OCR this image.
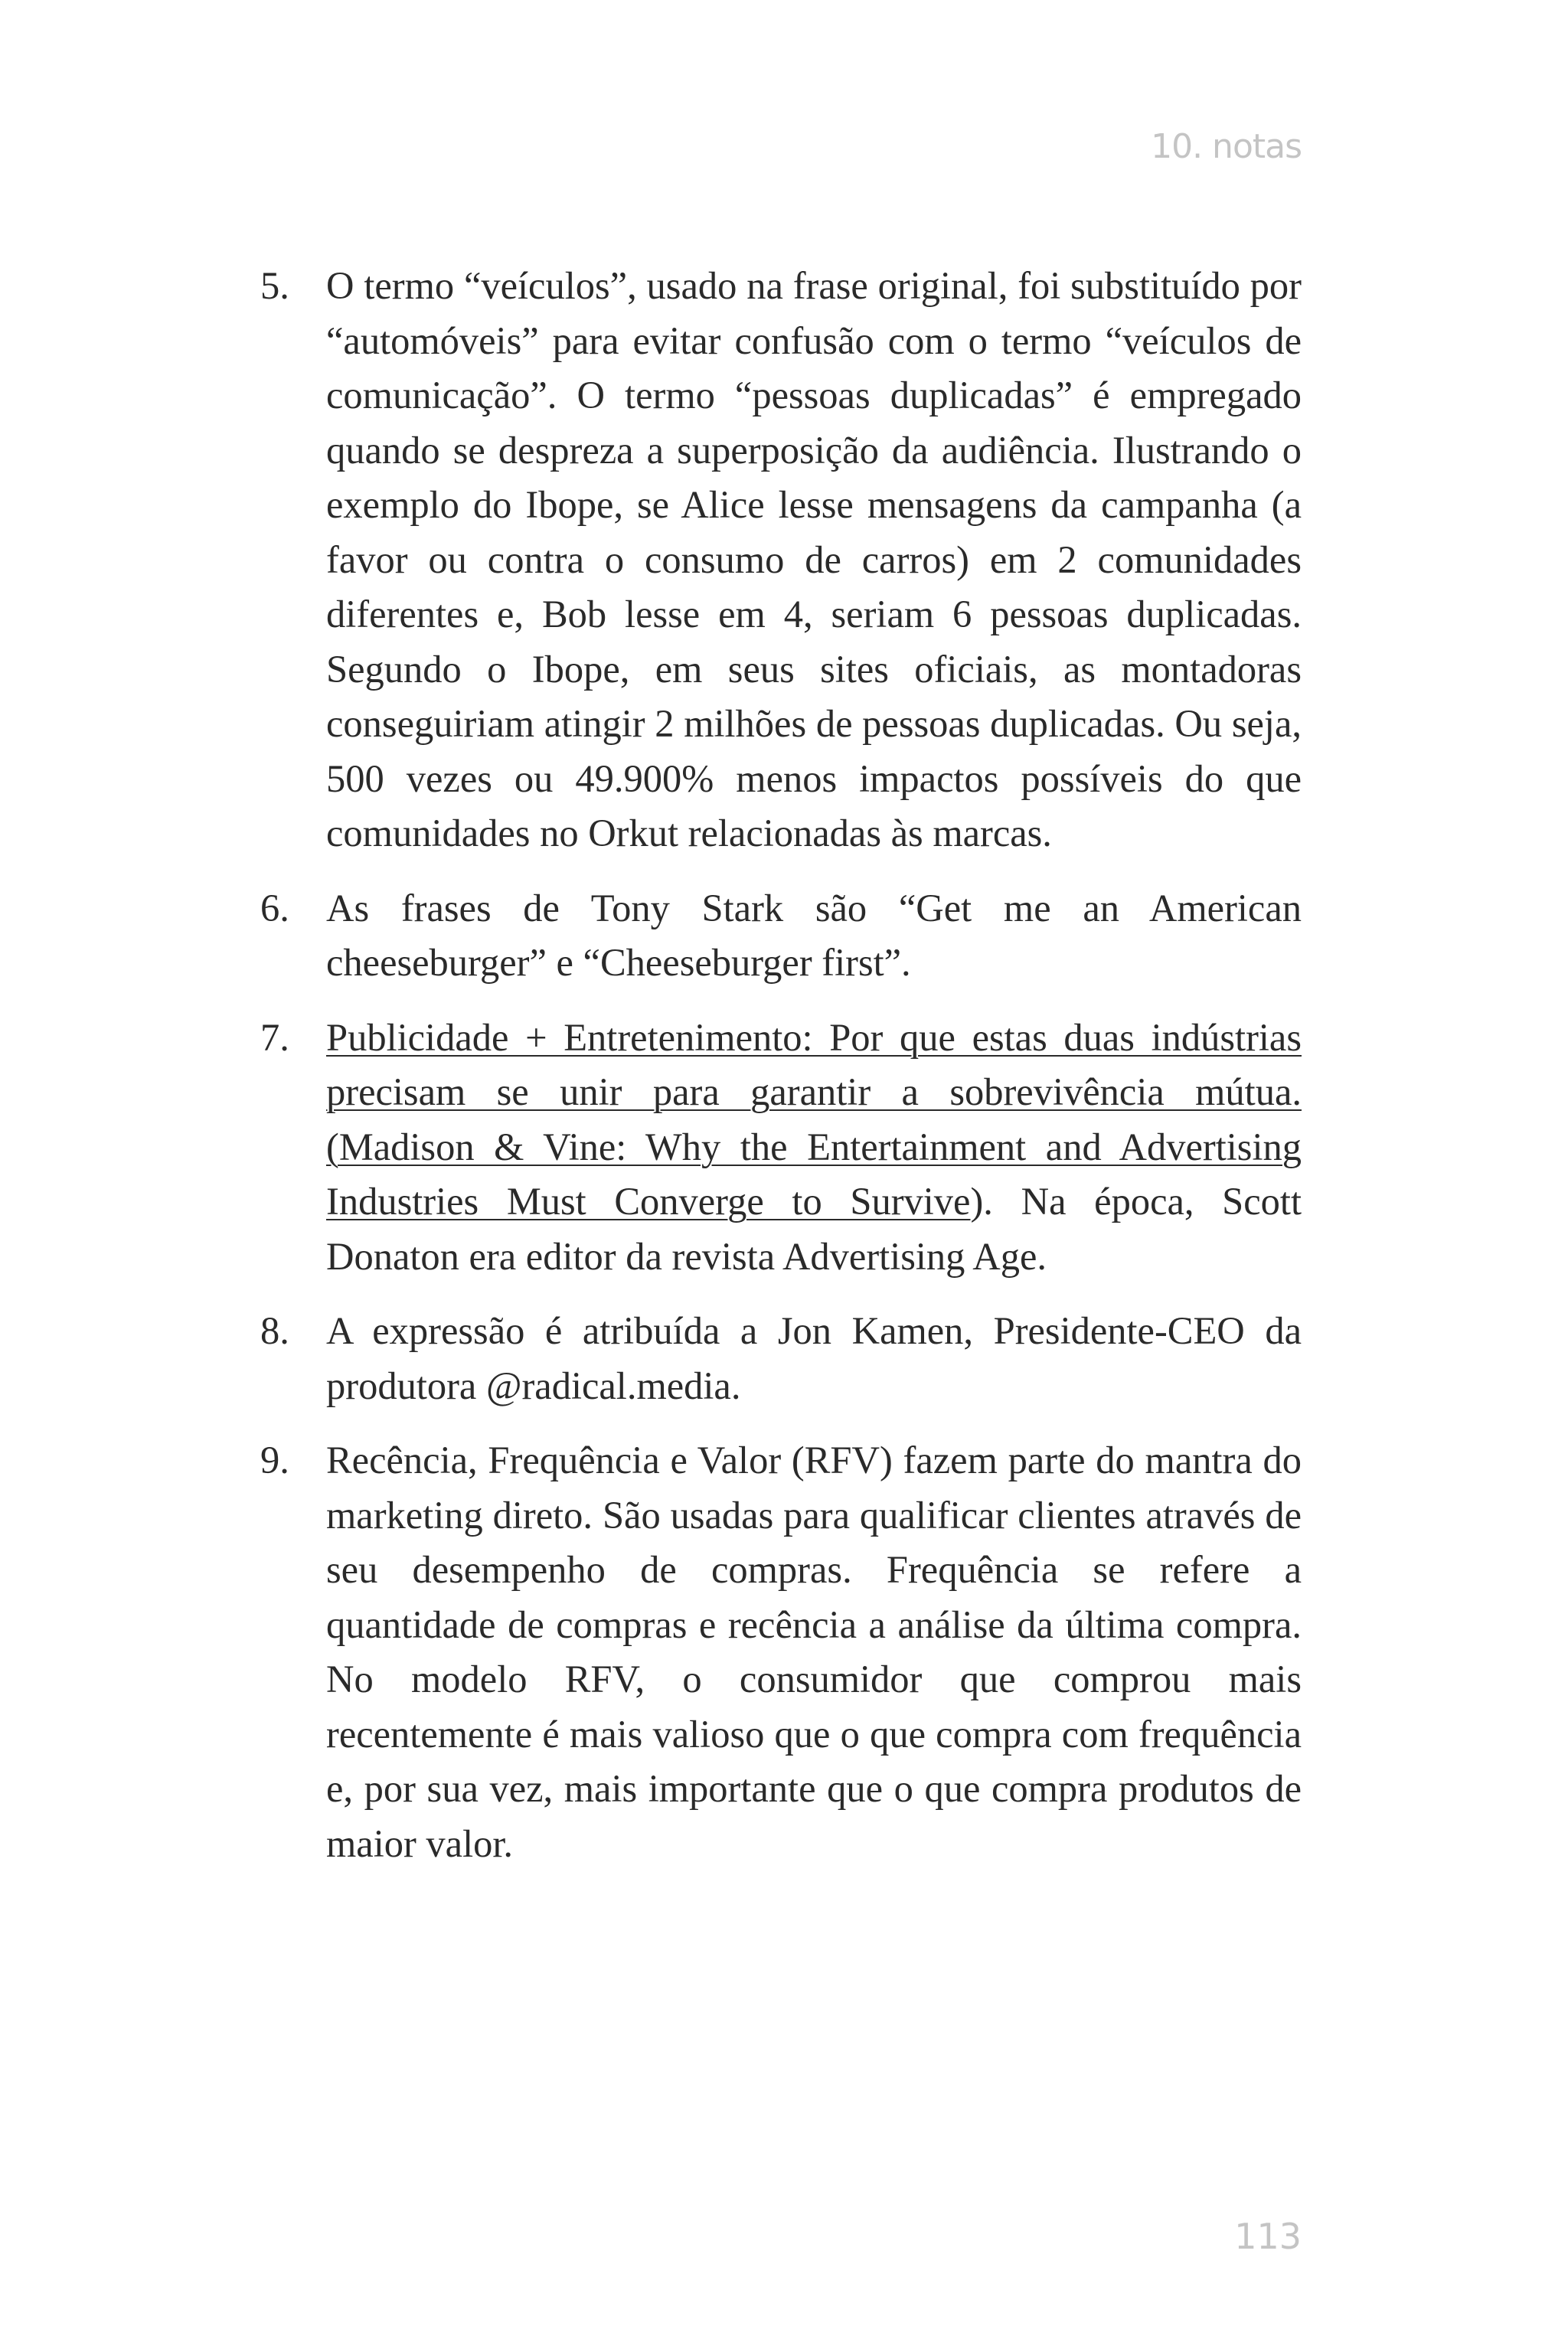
10. notas
5. O termo “veículos”, usado na frase original, foi substituído por “automóveis” para evitar confusão com o termo “veículos de comunicação”. O termo “pessoas duplicadas” é empregado quando se despreza a superposição da audiência. Ilustrando o exemplo do Ibope, se Alice lesse mensagens da campanha (a favor ou contra o consumo de carros) em 2 comunidades diferentes e, Bob lesse em 4, seriam 6 pessoas duplicadas. Segundo o Ibope, em seus sites oficiais, as montadoras conseguiriam atingir 2 milhões de pessoas duplicadas. Ou seja, 500 vezes ou 49.900% menos impactos possíveis do que comunidades no Orkut relacionadas às marcas.
6. As frases de Tony Stark são “Get me an American cheeseburger” e “Cheeseburger first”.
7. Publicidade + Entretenimento: Por que estas duas indústrias precisam se unir para garantir a sobrevivência mútua. (Madison & Vine: Why the Entertainment and Advertising Industries Must Converge to Survive). Na época, Scott Donaton era editor da revista Advertising Age.
8. A expressão é atribuída a Jon Kamen, Presidente-CEO da produtora @radical.media.
9. Recência, Frequência e Valor (RFV) fazem parte do mantra do marketing direto. São usadas para qualificar clientes através de seu desempenho de compras. Frequência se refere a quantidade de compras e recência a análise da última compra. No modelo RFV, o consumidor que comprou mais recentemente é mais valioso que o que compra com frequência e, por sua vez, mais importante que o que compra produtos de maior valor.
113
